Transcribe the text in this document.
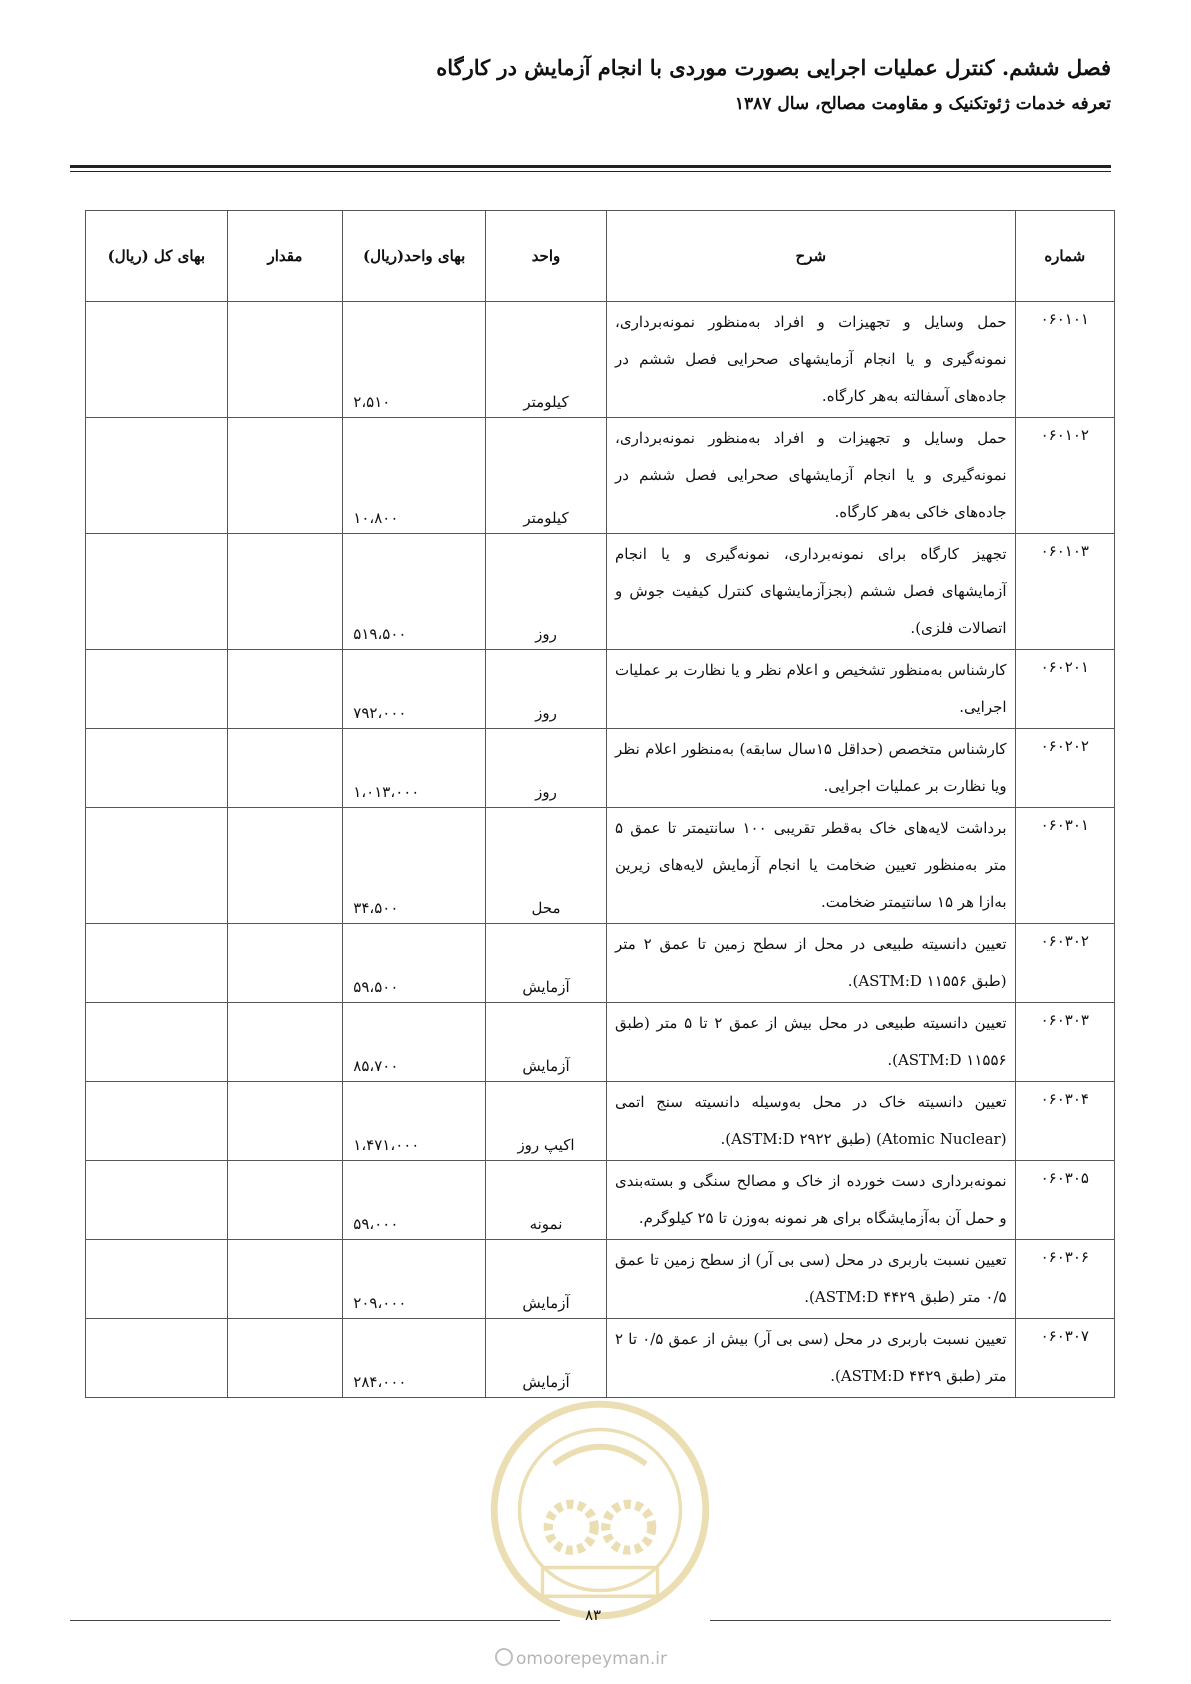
فصل ششم. کنترل عملیات اجرایی بصورت موردی با انجام آزمایش در کارگاه
تعرفه خدمات ژئوتکنیک و مقاومت مصالح، سال ۱۳۸۷
شماره	شرح	واحد	بهای واحد(ریال)	مقدار	بهای کل (ریال)
۰۶۰۱۰۱	حمل وسایل و تجهیزات و افراد به‌منظور نمونه‌برداری، نمونه‌گیری و یا انجام آزمایشهای صحرایی فصل ششم در جاده‌های آسفالته به‌هر کارگاه.	کیلومتر	۲،۵۱۰		
۰۶۰۱۰۲	حمل وسایل و تجهیزات و افراد به‌منظور نمونه‌برداری، نمونه‌گیری و یا انجام آزمایشهای صحرایی فصل ششم در جاده‌های خاکی به‌هر کارگاه.	کیلومتر	۱۰،۸۰۰		
۰۶۰۱۰۳	تجهیز کارگاه برای نمونه‌برداری، نمونه‌گیری و یا انجام آزمایشهای فصل ششم (بجزآزمایشهای کنترل کیفیت جوش و اتصالات فلزی).	روز	۵۱۹،۵۰۰		
۰۶۰۲۰۱	کارشناس به‌منظور تشخیص و اعلام نظر و یا نظارت بر عملیات اجرایی.	روز	۷۹۲،۰۰۰		
۰۶۰۲۰۲	کارشناس متخصص (حداقل ۱۵سال سابقه) به‌منظور اعلام نظر ویا نظارت بر عملیات اجرایی.	روز	۱،۰۱۳،۰۰۰		
۰۶۰۳۰۱	برداشت لایه‌های خاک به‌قطر تقریبی ۱۰۰ سانتیمتر تا عمق ۵ متر به‌منظور تعیین ضخامت یا انجام آزمایش لایه‌های زیرین به‌ازا هر ۱۵ سانتیمتر ضخامت.	محل	۳۴،۵۰۰		
۰۶۰۳۰۲	تعیین دانسیته طبیعی در محل از سطح زمین تا عمق ۲ متر (طبق ASTM:D ۱۱۵۵۶).	آزمایش	۵۹،۵۰۰		
۰۶۰۳۰۳	تعیین دانسیته طبیعی در محل بیش از عمق ۲ تا ۵ متر (طبق ASTM:D ۱۱۵۵۶).	آزمایش	۸۵،۷۰۰		
۰۶۰۳۰۴	تعیین دانسیته خاک در محل به‌وسیله دانسیته سنج اتمی (Atomic Nuclear) (طبق ASTM:D ۲۹۲۲).	اکیپ روز	۱،۴۷۱،۰۰۰		
۰۶۰۳۰۵	نمونه‌برداری دست خورده از خاک و مصالح سنگی و بسته‌بندی و حمل آن به‌آزمایشگاه برای هر نمونه به‌وزن تا ۲۵ کیلوگرم.	نمونه	۵۹،۰۰۰		
۰۶۰۳۰۶	تعیین نسبت باربری در محل (سی بی آر) از سطح زمین تا عمق ۰/۵ متر (طبق ASTM:D ۴۴۲۹).	آزمایش	۲۰۹،۰۰۰		
۰۶۰۳۰۷	تعیین نسبت باربری در محل (سی بی آر) بیش از عمق ۰/۵ تا ۲ متر (طبق ASTM:D ۴۴۲۹).	آزمایش	۲۸۴،۰۰۰		
۸۳
omoorepeyman.ir
